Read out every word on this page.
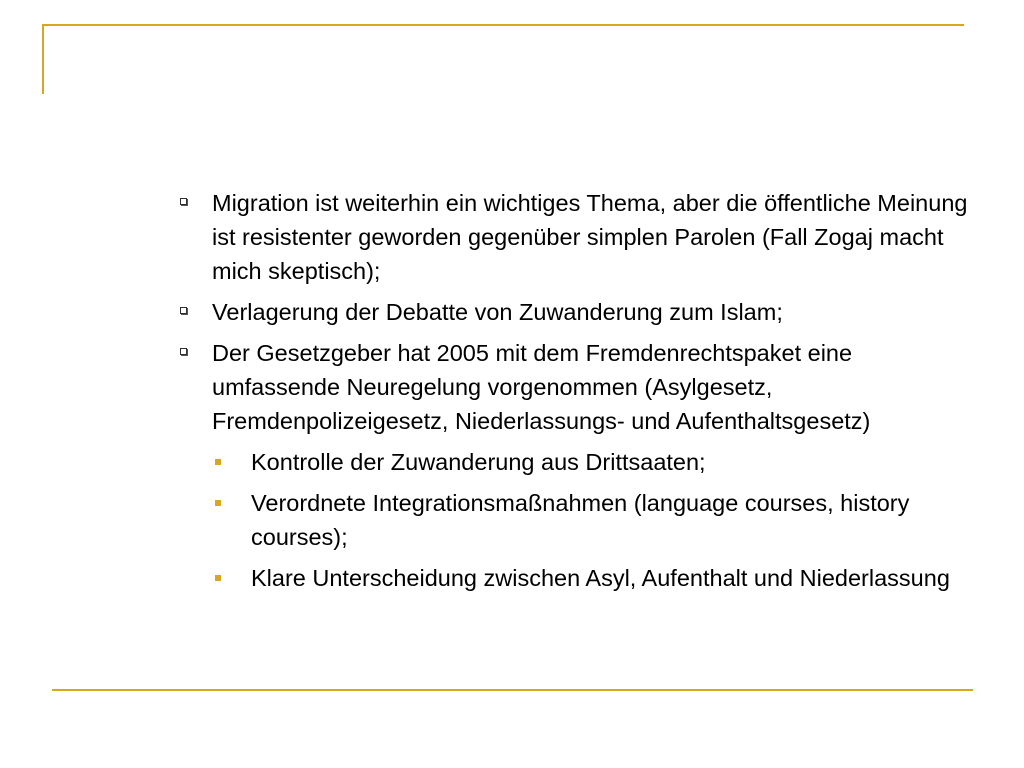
Migration ist weiterhin ein wichtiges Thema, aber die öffentliche Meinung ist resistenter geworden gegenüber simplen Parolen (Fall Zogaj macht mich skeptisch);
Verlagerung der Debatte von Zuwanderung zum Islam;
Der Gesetzgeber hat 2005 mit dem Fremdenrechtspaket eine umfassende Neuregelung vorgenommen (Asylgesetz, Fremdenpolizeigesetz, Niederlassungs- und Aufenthaltsgesetz)
Kontrolle der Zuwanderung aus Drittsaaten;
Verordnete Integrationsmaßnahmen (language courses, history courses);
Klare Unterscheidung zwischen Asyl, Aufenthalt und Niederlassung
